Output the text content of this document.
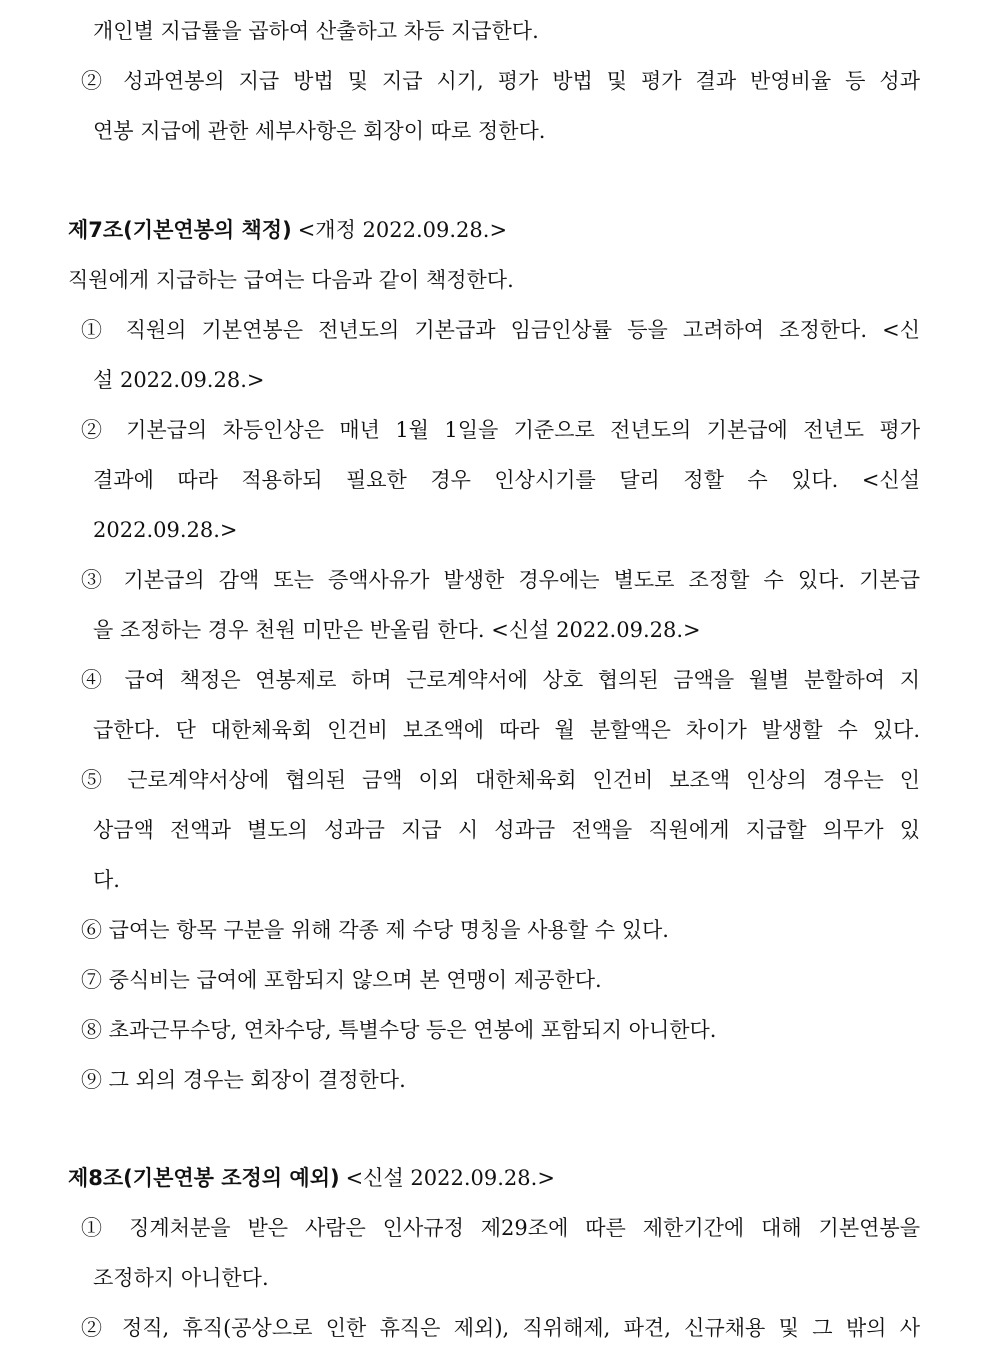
개인별 지급률을 곱하여 산출하고 차등 지급한다.
② 성과연봉의 지급 방법 및 지급 시기, 평가 방법 및 평가 결과 반영비율 등 성과
연봉 지급에 관한 세부사항은 회장이 따로 정한다.
제7조(기본연봉의 책정) <개정 2022.09.28.>
직원에게 지급하는 급여는 다음과 같이 책정한다.
① 직원의 기본연봉은 전년도의 기본급과 임금인상률 등을 고려하여 조정한다. <신
설 2022.09.28.>
② 기본급의 차등인상은 매년 1월 1일을 기준으로 전년도의 기본급에 전년도 평가
결과에 따라 적용하되 필요한 경우 인상시기를 달리 정할 수 있다. <신설
2022.09.28.>
③ 기본급의 감액 또는 증액사유가 발생한 경우에는 별도로 조정할 수 있다. 기본급
을 조정하는 경우 천원 미만은 반올림 한다. <신설 2022.09.28.>
④ 급여 책정은 연봉제로 하며 근로계약서에 상호 협의된 금액을 월별 분할하여 지
급한다. 단 대한체육회 인건비 보조액에 따라 월 분할액은 차이가 발생할 수 있다.
⑤ 근로계약서상에 협의된 금액 이외 대한체육회 인건비 보조액 인상의 경우는 인
상금액 전액과 별도의 성과금 지급 시 성과금 전액을 직원에게 지급할 의무가 있
다.
⑥ 급여는 항목 구분을 위해 각종 제 수당 명칭을 사용할 수 있다.
⑦ 중식비는 급여에 포함되지 않으며 본 연맹이 제공한다.
⑧ 초과근무수당, 연차수당, 특별수당 등은 연봉에 포함되지 아니한다.
⑨ 그 외의 경우는 회장이 결정한다.
제8조(기본연봉 조정의 예외) <신설 2022.09.28.>
① 징계처분을 받은 사람은 인사규정 제29조에 따른 제한기간에 대해 기본연봉을
조정하지 아니한다.
② 정직, 휴직(공상으로 인한 휴직은 제외), 직위해제, 파견, 신규채용 및 그 밖의 사
